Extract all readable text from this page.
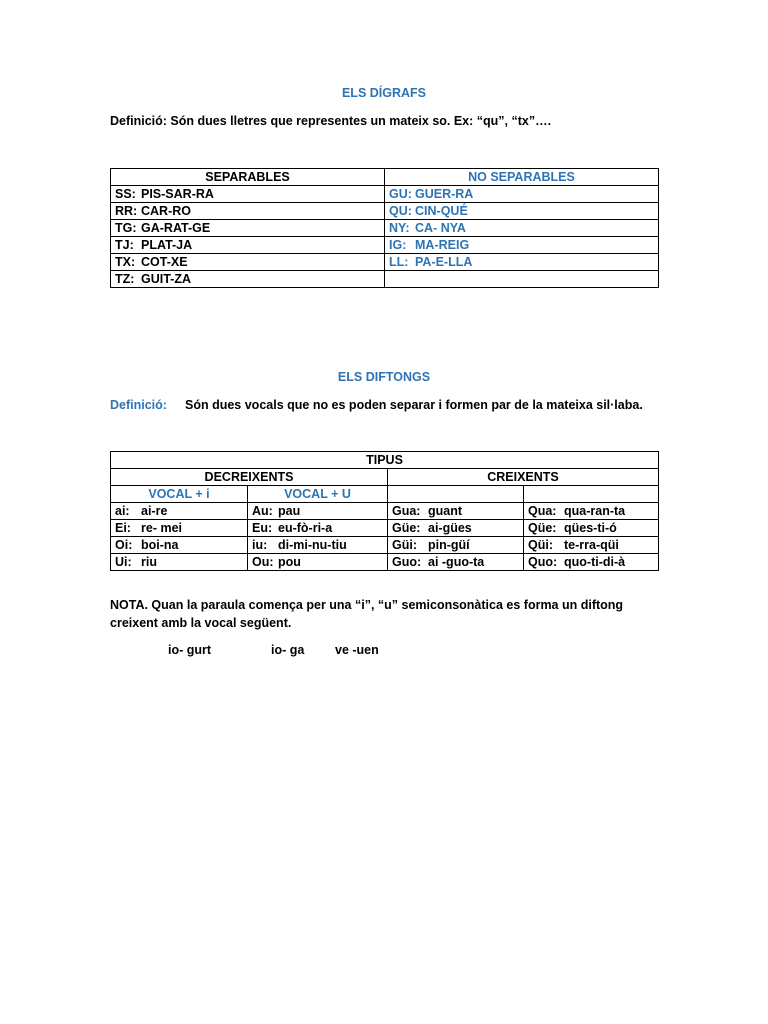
ELS DÍGRAFS
Definició: Són dues lletres que representes un mateix so. Ex: “qu”, “tx”….
SEPARABLES	NO SEPARABLES
SS: PIS-SAR-RA	GU: GUER-RA
RR: CAR-RO	QU: CIN-QUÉ
TG: GA-RAT-GE	NY: CA- NYA
TJ: PLAT-JA	IG: MA-REIG
TX: COT-XE	LL: PA-E-LLA
TZ: GUIT-ZA	
ELS DIFTONGS
Definició: Són dues vocals que no es poden separar i formen par de la mateixa sil·laba.
TIPUS			
DECREIXENTS		CREIXENTS	
VOCAL + i	VOCAL + U		
ai: ai-re	Au: pau	Gua: guant	Qua: qua-ran-ta
Ei: re- mei	Eu: eu-fò-ri-a	Güe: ai-gües	Qüe: qües-ti-ó
Oi: boi-na	iu: di-mi-nu-tiu	Güi: pin-güí	Qüi: te-rra-qüi
Ui: riu	Ou: pou	Guo: ai -guo-ta	Quo: quo-ti-di-à
NOTA. Quan la paraula comença per una “i”, “u” semiconsonàtica es forma un diftong
creixent amb la vocal següent.
io- gurt	io- ga ve -uen
